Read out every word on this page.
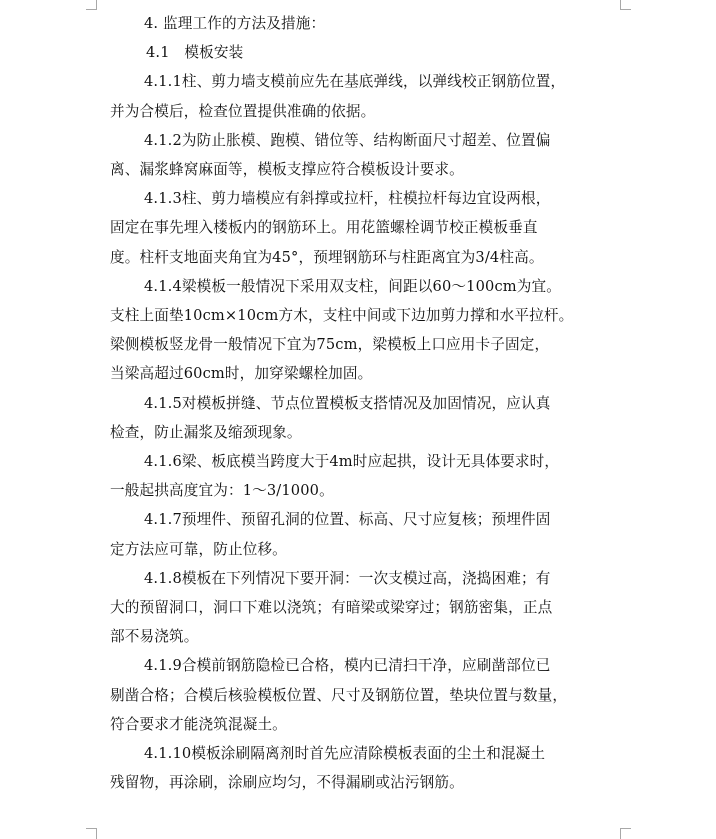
4. 监理工作的方法及措施：

4.1　模板安装

4.1.1柱、剪力墙支模前应先在基底弹线，以弹线校正钢筋位置，
并为合模后，检查位置提供准确的依据。

4.1.2为防止胀模、跑模、错位等、结构断面尺寸超差、位置偏
离、漏浆蜂窝麻面等，模板支撑应符合模板设计要求。

4.1.3柱、剪力墙模应有斜撑或拉杆，柱模拉杆每边宜设两根，
固定在事先埋入楼板内的钢筋环上。用花篮螺栓调节校正模板垂直
度。柱杆支地面夹角宜为45°，预埋钢筋环与柱距离宜为3/4柱高。

4.1.4梁模板一般情况下采用双支柱，间距以60～100cm为宜。
支柱上面垫10cm×10cm方木，支柱中间或下边加剪力撑和水平拉杆。
梁侧模板竖龙骨一般情况下宜为75cm，梁模板上口应用卡子固定，
当梁高超过60cm时，加穿梁螺栓加固。

4.1.5对模板拼缝、节点位置模板支搭情况及加固情况，应认真
检查，防止漏浆及缩颈现象。

4.1.6梁、板底模当跨度大于4m时应起拱，设计无具体要求时，
一般起拱高度宜为：1～3/1000。

4.1.7预埋件、预留孔洞的位置、标高、尺寸应复核；预埋件固
定方法应可靠，防止位移。

4.1.8模板在下列情况下要开洞：一次支模过高，浇捣困难；有
大的预留洞口，洞口下难以浇筑；有暗梁或梁穿过；钢筋密集，正点
部不易浇筑。

4.1.9合模前钢筋隐检已合格，模内已清扫干净，应刷凿部位已
剔凿合格；合模后核验模板位置、尺寸及钢筋位置，垫块位置与数量，
符合要求才能浇筑混凝土。

4.1.10模板涂刷隔离剂时首先应清除模板表面的尘土和混凝土
残留物，再涂刷，涂刷应均匀，不得漏刷或沾污钢筋。
